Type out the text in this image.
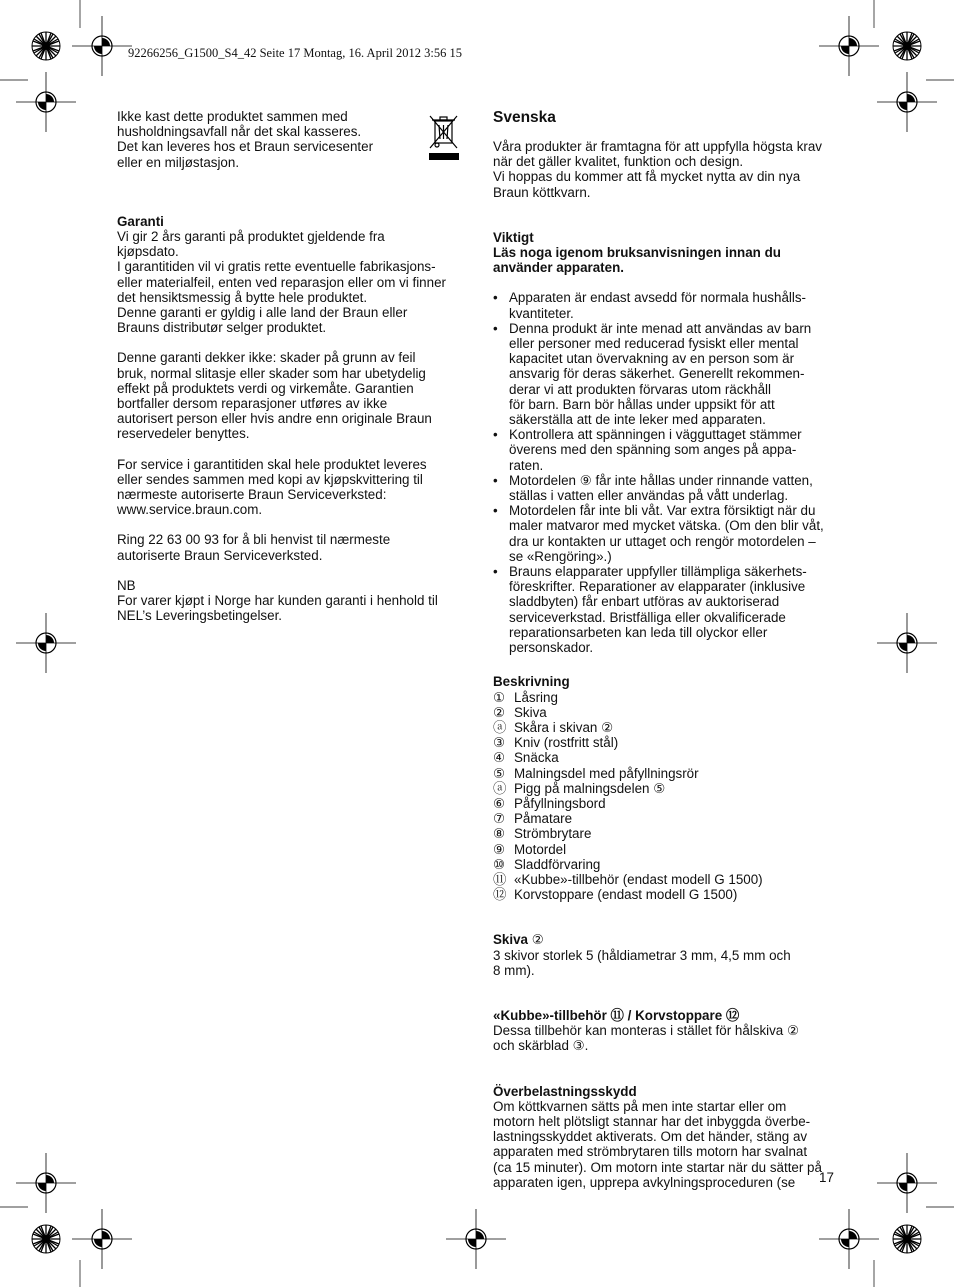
92266256_G1500_S4_42 Seite 17 Montag, 16. April 2012 3:56 15

Ikke kast dette produktet sammen med
husholdningsavfall når det skal kasseres.
Det kan leveres hos et Braun servicesenter
eller en miljøstasjon.

Garanti

Vi gir 2 års garanti på produktet gjeldende fra
kjøpsdato.
I garantitiden vil vi gratis rette eventuelle fabrikasjons-
eller materialfeil, enten ved reparasjon eller om vi finner
det hensiktsmessig å bytte hele produktet.
Denne garanti er gyldig i alle land der Braun eller
Brauns distributør selger produktet.

Denne garanti dekker ikke: skader på grunn av feil
bruk, normal slitasje eller skader som har ubetydelig
effekt på produktets verdi og virkemåte. Garantien
bortfaller dersom reparasjoner utføres av ikke
autorisert person eller hvis andre enn originale Braun
reservedeler benyttes.

For service i garantitiden skal hele produktet leveres
eller sendes sammen med kopi av kjøpskvittering til
nærmeste autoriserte Braun Serviceverksted:
www.service.braun.com.

Ring 22 63 00 93 for å bli henvist til nærmeste
autoriserte Braun Serviceverksted.

NB
For varer kjøpt i Norge har kunden garanti i henhold til
NEL’s Leveringsbetingelser.

Svenska

Våra produkter är framtagna för att uppfylla högsta krav
när det gäller kvalitet, funktion och design.
Vi hoppas du kommer att få mycket nytta av din nya
Braun köttkvarn.

Viktigt

Läs noga igenom bruksanvisningen innan du
använder apparaten.

• Apparaten är endast avsedd för normala hushålls-
kvantiteter.
• Denna produkt är inte menad att användas av barn
eller personer med reducerad fysiskt eller mental
kapacitet utan övervakning av en person som är
ansvarig för deras säkerhet. Generellt rekommen-
derar vi att produkten förvaras utom räckhåll
för barn. Barn bör hållas under uppsikt för att
säkerställa att de inte leker med apparaten.
• Kontrollera att spänningen i vägguttaget stämmer
överens med den spänning som anges på appa-
raten.
• Motordelen ⑨ får inte hållas under rinnande vatten,
ställas i vatten eller användas på vått underlag.
• Motordelen får inte bli våt. Var extra försiktigt när du
maler matvaror med mycket vätska. (Om den blir våt,
dra ur kontakten ur uttaget och rengör motordelen –
se «Rengöring».)
• Brauns elapparater uppfyller tillämpliga säkerhets-
föreskrifter. Reparationer av elapparater (inklusive
sladdbyten) får enbart utföras av auktoriserad
serviceverkstad. Bristfälliga eller okvalificerade
reparationsarbeten kan leda till olyckor eller
personskador.

Beskrivning

① Låsring
② Skiva
ⓐ Skåra i skivan ②
③ Kniv (rostfritt stål)
④ Snäcka
⑤ Malningsdel med påfyllningsrör
ⓐ Pigg på malningsdelen ⑤
⑥ Påfyllningsbord
⑦ Påmatare
⑧ Strömbrytare
⑨ Motordel
⑩ Sladdförvaring
⑪ «Kubbe»-tillbehör (endast modell G 1500)
⑫ Korvstoppare (endast modell G 1500)

Skiva ②

3 skivor storlek 5 (håldiametrar 3 mm, 4,5 mm och
8 mm).

«Kubbe»-tillbehör ⑪ / Korvstoppare ⑫

Dessa tillbehör kan monteras i stället för hålskiva ②
och skärblad ③.

Överbelastningsskydd

Om köttkvarnen sätts på men inte startar eller om
motorn helt plötsligt stannar har det inbyggda överbe-
lastningsskyddet aktiverats. Om det händer, stäng av
apparaten med strömbrytaren tills motorn har svalnat
(ca 15 minuter). Om motorn inte startar när du sätter på
apparaten igen, upprepa avkylningsproceduren (se	17
